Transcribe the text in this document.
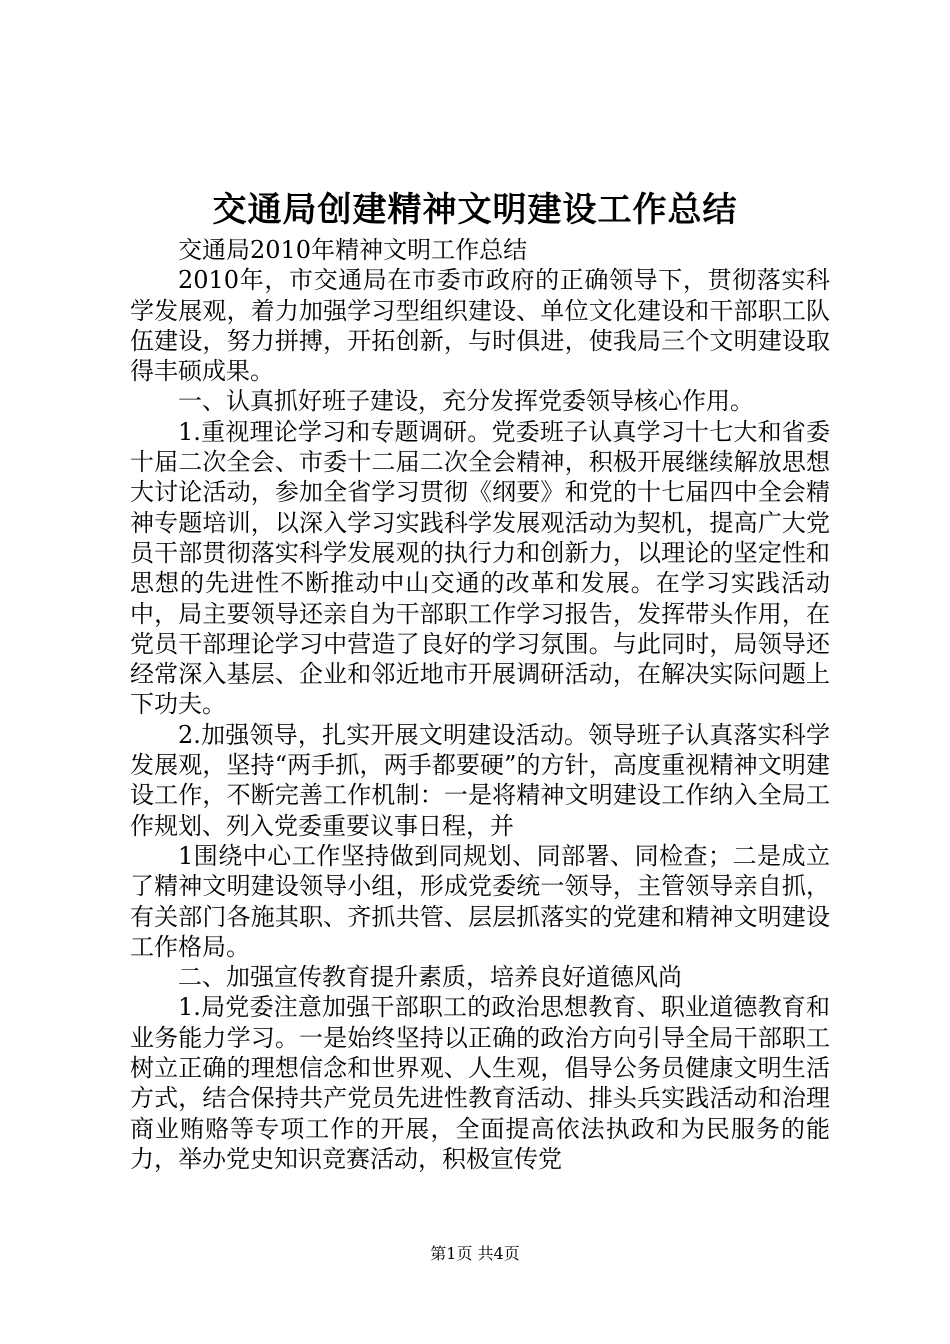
交通局创建精神文明建设工作总结

交通局2010年精神文明工作总结

2010年，市交通局在市委市政府的正确领导下，贯彻落实科学发展观，着力加强学习型组织建设、单位文化建设和干部职工队伍建设，努力拼搏，开拓创新，与时俱进，使我局三个文明建设取得丰硕成果。

一、认真抓好班子建设，充分发挥党委领导核心作用。

1.重视理论学习和专题调研。党委班子认真学习十七大和省委十届二次全会、市委十二届二次全会精神，积极开展继续解放思想大讨论活动，参加全省学习贯彻《纲要》和党的十七届四中全会精神专题培训，以深入学习实践科学发展观活动为契机，提高广大党员干部贯彻落实科学发展观的执行力和创新力，以理论的坚定性和思想的先进性不断推动中山交通的改革和发展。在学习实践活动中，局主要领导还亲自为干部职工作学习报告，发挥带头作用，在党员干部理论学习中营造了良好的学习氛围。与此同时，局领导还经常深入基层、企业和邻近地市开展调研活动，在解决实际问题上下功夫。

2.加强领导，扎实开展文明建设活动。领导班子认真落实科学发展观，坚持“两手抓，两手都要硬”的方针，高度重视精神文明建设工作，不断完善工作机制：一是将精神文明建设工作纳入全局工作规划、列入党委重要议事日程，并

1围绕中心工作坚持做到同规划、同部署、同检查；二是成立了精神文明建设领导小组，形成党委统一领导，主管领导亲自抓，有关部门各施其职、齐抓共管、层层抓落实的党建和精神文明建设工作格局。

二、加强宣传教育提升素质，培养良好道德风尚

1.局党委注意加强干部职工的政治思想教育、职业道德教育和业务能力学习。一是始终坚持以正确的政治方向引导全局干部职工树立正确的理想信念和世界观、人生观，倡导公务员健康文明生活方式，结合保持共产党员先进性教育活动、排头兵实践活动和治理商业贿赂等专项工作的开展，全面提高依法执政和为民服务的能力，举办党史知识竞赛活动，积极宣传党

第1页 共4页
